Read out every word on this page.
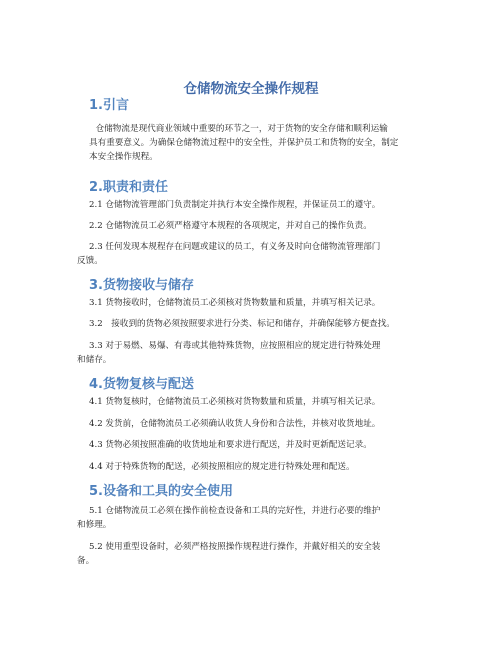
仓储物流安全操作规程
1.引言
　仓储物流是现代商业领域中重要的环节之一，对于货物的安全存储和顺利运输
具有重要意义。为确保仓储物流过程中的安全性，并保护员工和货物的安全，制定
本安全操作规程。
2.职责和责任
2.1 仓储物流管理部门负责制定并执行本安全操作规程，并保证员工的遵守。
2.2 仓储物流员工必须严格遵守本规程的各项规定，并对自己的操作负责。
2.3 任何发现本规程存在问题或建议的员工，有义务及时向仓储物流管理部门
反馈。
3.货物接收与储存
3.1 货物接收时，仓储物流员工必须核对货物数量和质量，并填写相关记录。
3.2　接收到的货物必须按照要求进行分类、标记和储存，并确保能够方便查找。
3.3 对于易燃、易爆、有毒或其他特殊货物，应按照相应的规定进行特殊处理
和储存。
4.货物复核与配送
4.1 货物复核时，仓储物流员工必须核对货物数量和质量，并填写相关记录。
4.2 发货前，仓储物流员工必须确认收货人身份和合法性，并核对收货地址。
4.3 货物必须按照准确的收货地址和要求进行配送，并及时更新配送记录。
4.4 对于特殊货物的配送，必须按照相应的规定进行特殊处理和配送。
5.设备和工具的安全使用
5.1 仓储物流员工必须在操作前检查设备和工具的完好性，并进行必要的维护
和修理。
5.2 使用重型设备时，必须严格按照操作规程进行操作，并戴好相关的安全装
备。
